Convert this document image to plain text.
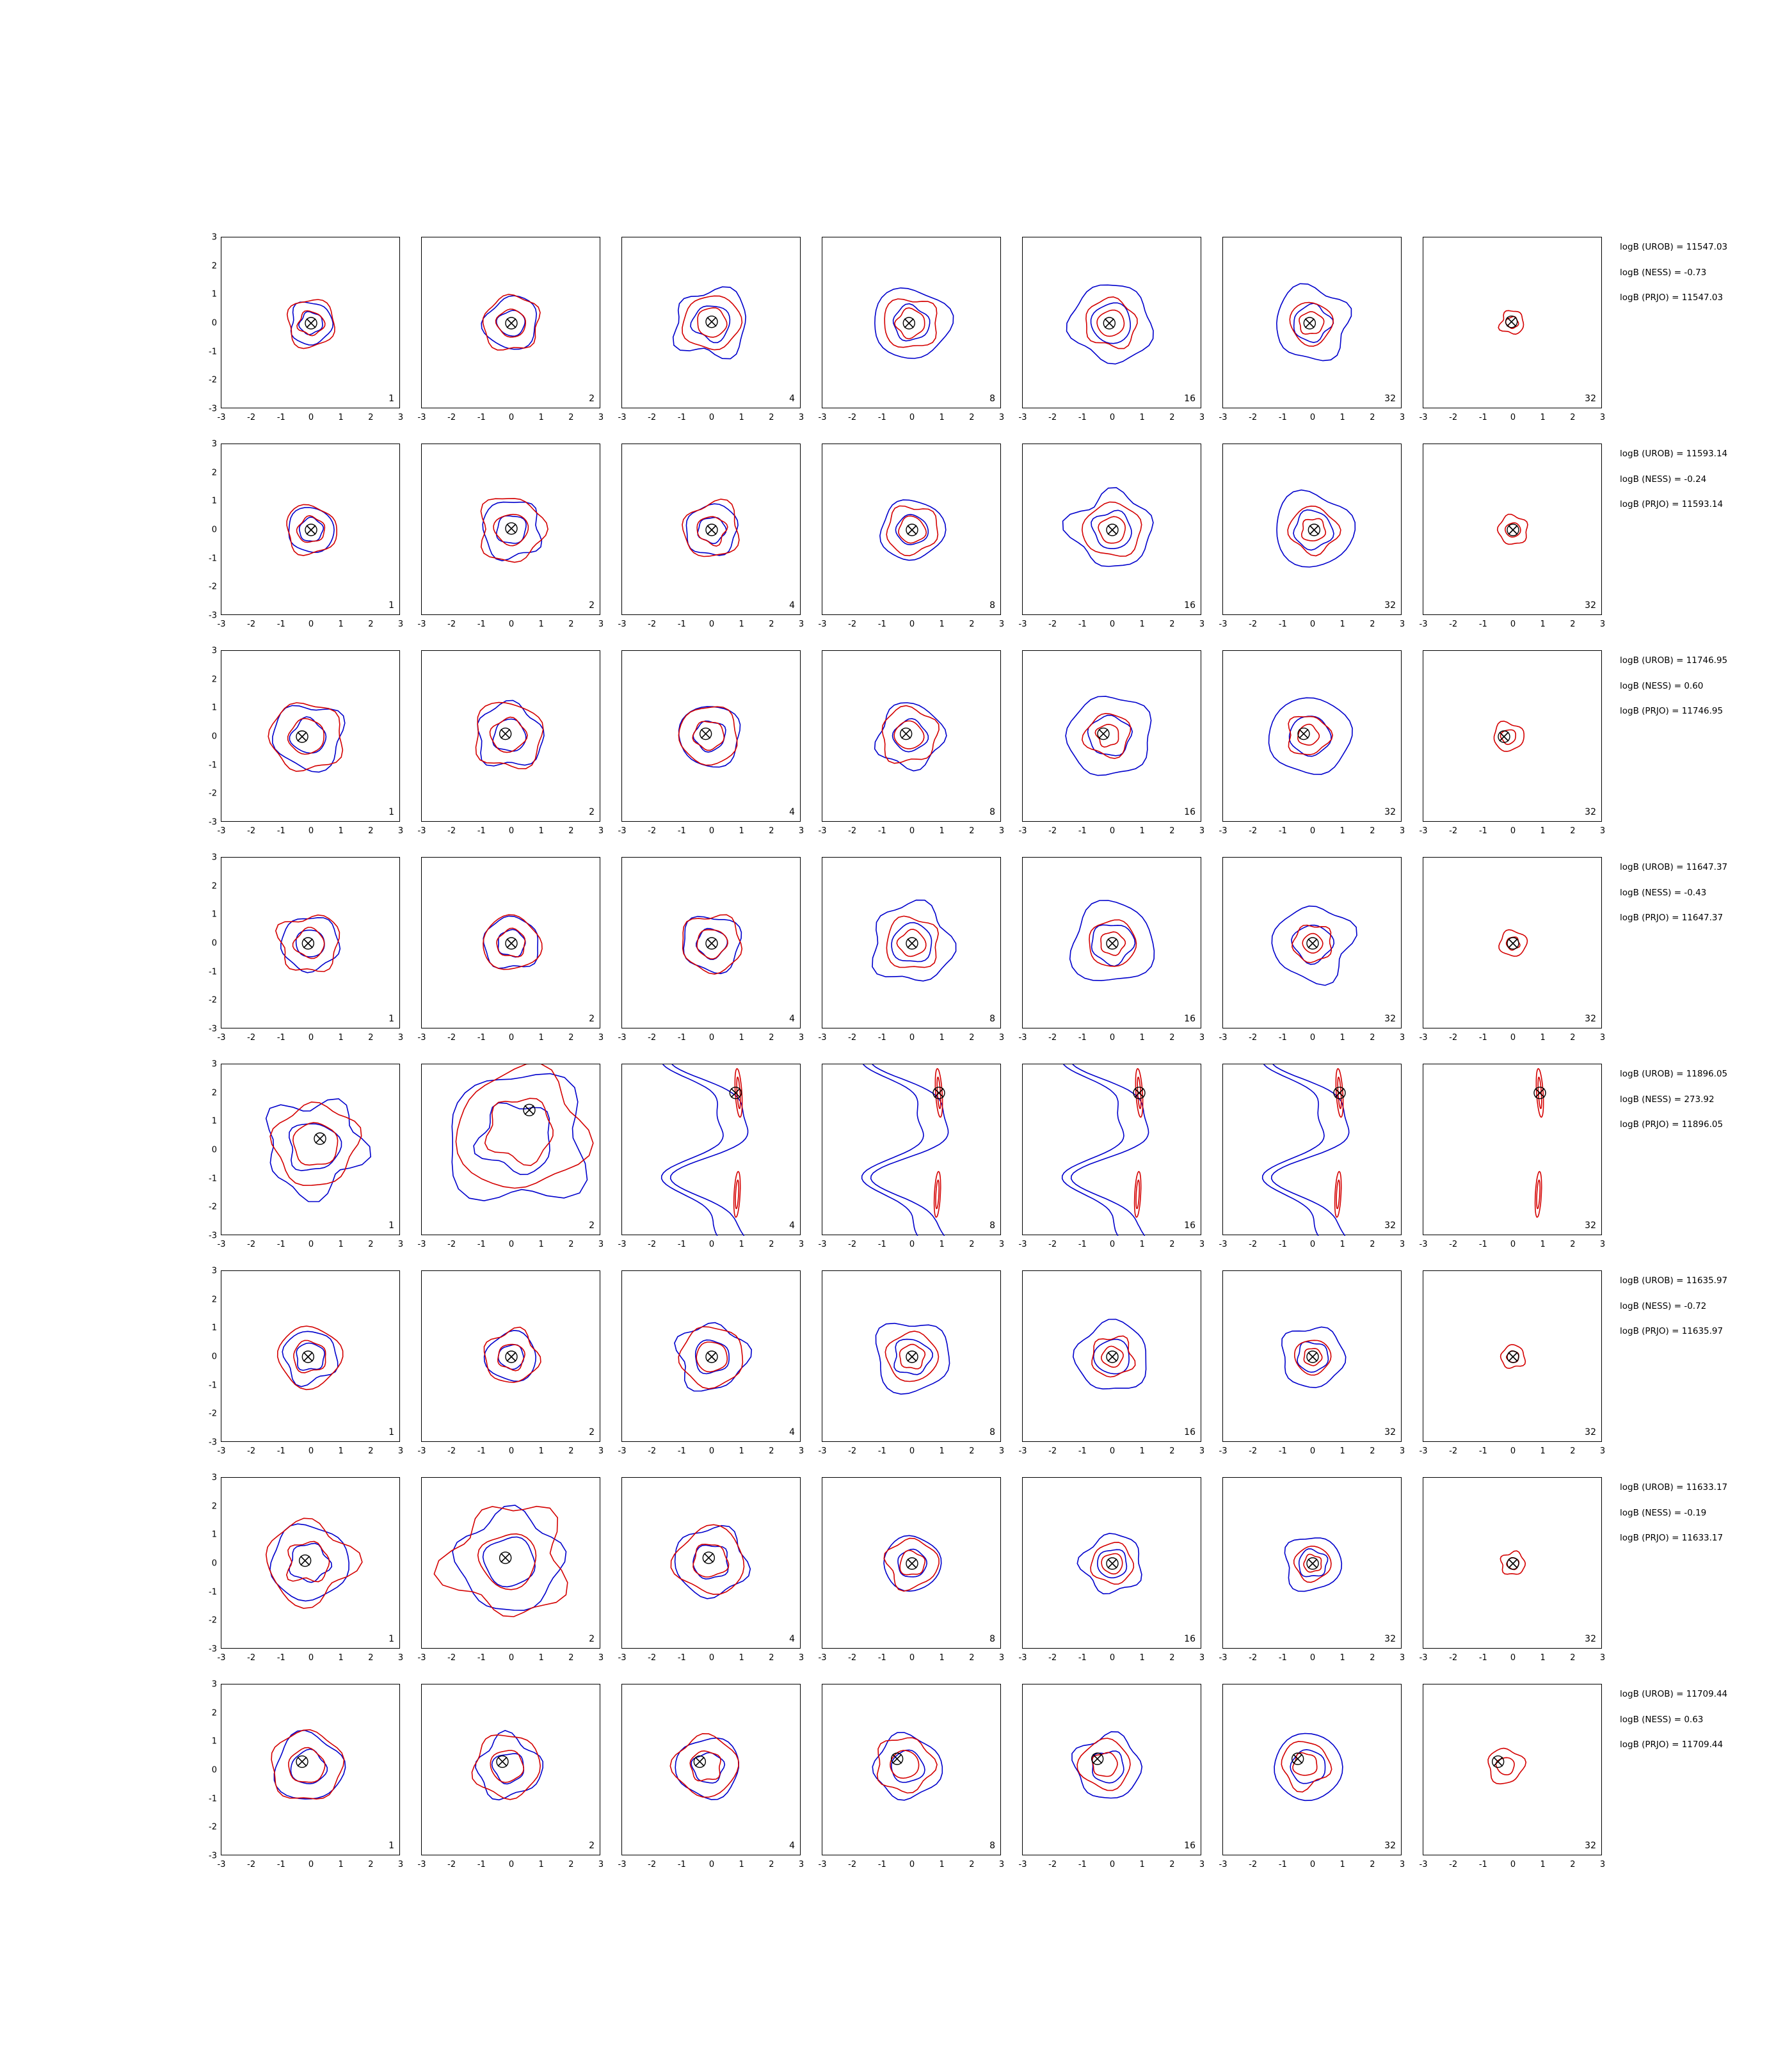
3
2
1
0
-1
-2
-3
-3	-2	-1	0	1	2	3
1
-3	-2	-1	0	1	2	3
2
-3	-2	-1	0	1	2	3
4
-3	-2	-1	0	1	2	3
8
-3	-2	-1	0	1	2	3
16
-3	-2	-1	0	1	2	3
32
-3	-2	-1	0	1	2	3
32
3
2
1
0
-1
-2
-3
-3	-2	-1	0	1	2	3
1
-3	-2	-1	0	1	2	3
2
-3	-2	-1	0	1	2	3
4
-3	-2	-1	0	1	2	3
8
-3	-2	-1	0	1	2	3
16
-3	-2	-1	0	1	2	3
32
-3	-2	-1	0	1	2	3
32
3
2
1
0
-1
-2
-3
-3	-2	-1	0	1	2	3
1
-3	-2	-1	0	1	2	3
2
-3	-2	-1	0	1	2	3
4
-3	-2	-1	0	1	2	3
8
-3	-2	-1	0	1	2	3
16
-3	-2	-1	0	1	2	3
32
-3	-2	-1	0	1	2	3
32
3
2
1
0
-1
-2
-3
-3	-2	-1	0	1	2	3
1
-3	-2	-1	0	1	2	3
2
-3	-2	-1	0	1	2	3
4
-3	-2	-1	0	1	2	3
8
-3	-2	-1	0	1	2	3
16
-3	-2	-1	0	1	2	3
32
-3	-2	-1	0	1	2	3
32
3
2
1
0
-1
-2
-3
-3	-2	-1	0	1	2	3
1
-3	-2	-1	0	1	2	3
2
-3	-2	-1	0	1	2	3
4
-3	-2	-1	0	1	2	3
8
-3	-2	-1	0	1	2	3
16
-3	-2	-1	0	1	2	3
32
-3	-2	-1	0	1	2	3
32
3
2
1
0
-1
-2
-3
-3	-2	-1	0	1	2	3
1
-3	-2	-1	0	1	2	3
2
-3	-2	-1	0	1	2	3
4
-3	-2	-1	0	1	2	3
8
-3	-2	-1	0	1	2	3
16
-3	-2	-1	0	1	2	3
32
-3	-2	-1	0	1	2	3
32
3
2
1
0
-1
-2
-3
-3	-2	-1	0	1	2	3
1
-3	-2	-1	0	1	2	3
2
-3	-2	-1	0	1	2	3
4
-3	-2	-1	0	1	2	3
8
-3	-2	-1	0	1	2	3
16
-3	-2	-1	0	1	2	3
32
-3	-2	-1	0	1	2	3
32
3
2
1
0
-1
-2
-3
-3	-2	-1	0	1	2	3
1
-3	-2	-1	0	1	2	3
2
-3	-2	-1	0	1	2	3
4
-3	-2	-1	0	1	2	3
8
-3	-2	-1	0	1	2	3
16
-3	-2	-1	0	1	2	3
32
-3	-2	-1	0	1	2	3
32
logB (UROB) = 11547.03
logB (NESS) = -0.73
logB (PRJO) = 11547.03
logB (UROB) = 11593.14
logB (NESS) = -0.24
logB (PRJO) = 11593.14
logB (UROB) = 11746.95
logB (NESS) = 0.60
logB (PRJO) = 11746.95
logB (UROB) = 11647.37
logB (NESS) = -0.43
logB (PRJO) = 11647.37
logB (UROB) = 11896.05
logB (NESS) = 273.92
logB (PRJO) = 11896.05
logB (UROB) = 11635.97
logB (NESS) = -0.72
logB (PRJO) = 11635.97
logB (UROB) = 11633.17
logB (NESS) = -0.19
logB (PRJO) = 11633.17
logB (UROB) = 11709.44
logB (NESS) = 0.63
logB (PRJO) = 11709.44
